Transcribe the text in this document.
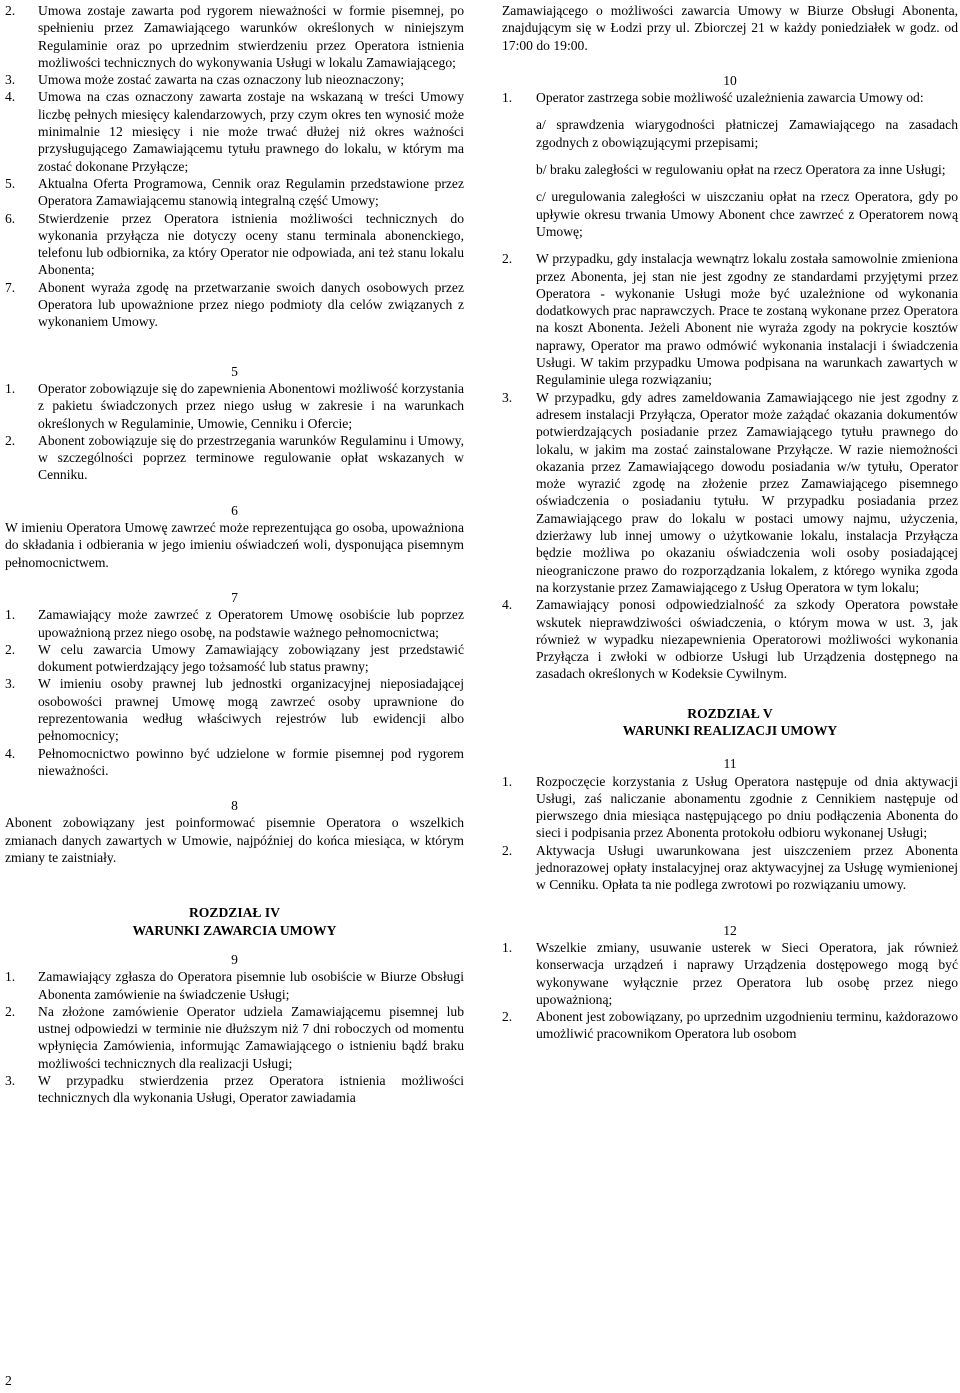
2.	Umowa zostaje zawarta pod rygorem nieważności w formie pisemnej, po spełnieniu przez Zamawiającego warunków określonych w niniejszym Regulaminie oraz po uprzednim stwierdzeniu przez Operatora istnienia możliwości technicznych do wykonywania Usługi w lokalu Zamawiającego;
3.	Umowa może zostać zawarta na czas oznaczony lub nieoznaczony;
4.	Umowa na czas oznaczony zawarta zostaje na wskazaną w treści Umowy liczbę pełnych miesięcy kalendarzowych, przy czym okres ten wynosić może minimalnie 12 miesięcy i nie może trwać dłużej niż okres ważności przysługującego Zamawiającemu tytułu prawnego do lokalu, w którym ma zostać dokonane Przyłącze;
5.	Aktualna Oferta Programowa, Cennik oraz Regulamin przedstawione przez Operatora Zamawiającemu stanowią integralną część Umowy;
6.	Stwierdzenie przez Operatora istnienia możliwości technicznych do wykonania przyłącza nie dotyczy oceny stanu terminala abonenckiego, telefonu lub odbiornika, za który Operator nie odpowiada, ani też stanu lokalu Abonenta;
7.	Abonent wyraża zgodę na przetwarzanie swoich danych osobowych przez Operatora lub upoważnione przez niego podmioty dla celów związanych z wykonaniem Umowy.

5

1.	Operator zobowiązuje się do zapewnienia Abonentowi możliwość korzystania z pakietu świadczonych przez niego usług w zakresie i na warunkach określonych w Regulaminie, Umowie, Cenniku i Ofercie;
2.	Abonent zobowiązuje się do przestrzegania warunków Regulaminu i Umowy, w szczególności poprzez terminowe regulowanie opłat wskazanych w Cenniku.

6

W imieniu Operatora Umowę zawrzeć może reprezentująca go osoba, upoważniona do składania i odbierania w jego imieniu oświadczeń woli, dysponująca pisemnym pełnomocnictwem.

7

1.	Zamawiający może zawrzeć z Operatorem Umowę osobiście lub poprzez upoważnioną przez niego osobę, na podstawie ważnego pełnomocnictwa;
2.	W celu zawarcia Umowy Zamawiający zobowiązany jest przedstawić dokument potwierdzający jego tożsamość lub status prawny;
3.	W imieniu osoby prawnej lub jednostki organizacyjnej nieposiadającej osobowości prawnej Umowę mogą zawrzeć osoby uprawnione do reprezentowania według właściwych rejestrów lub ewidencji albo pełnomocnicy;
4.	Pełnomocnictwo powinno być udzielone w formie pisemnej pod rygorem nieważności.

8

Abonent zobowiązany jest poinformować pisemnie Operatora o wszelkich zmianach danych zawartych w Umowie, najpóźniej do końca miesiąca, w którym zmiany te zaistniały.
ROZDZIAŁ IV
WARUNKI ZAWARCIA UMOWY

9

1.	Zamawiający zgłasza do Operatora pisemnie lub osobiście w Biurze Obsługi Abonenta zamówienie na świadczenie Usługi;
2.	Na złożone zamówienie Operator udziela Zamawiającemu pisemnej lub ustnej odpowiedzi w terminie nie dłuższym niż 7 dni roboczych od momentu wpłynięcia Zamówienia, informując Zamawiającego o istnieniu bądź braku możliwości technicznych dla realizacji Usługi;
3.	W przypadku stwierdzenia przez Operatora istnienia możliwości technicznych dla wykonania Usługi, Operator zawiadamia
Zamawiającego o możliwości zawarcia Umowy w Biurze Obsługi Abonenta, znajdującym się w Łodzi przy ul. Zbiorczej 21 w każdy poniedziałek w godz. od 17:00 do 19:00.

10

1.	Operator zastrzega sobie możliwość uzależnienia zawarcia Umowy od:
a/ sprawdzenia wiarygodności płatniczej Zamawiającego na zasadach zgodnych z obowiązującymi przepisami;
b/ braku zaległości w regulowaniu opłat na rzecz Operatora za inne Usługi;
c/ uregulowania zaległości w uiszczaniu opłat na rzecz Operatora, gdy po upływie okresu trwania Umowy Abonent chce zawrzeć z Operatorem nową Umowę;
2.	W przypadku, gdy instalacja wewnątrz lokalu została samowolnie zmieniona przez Abonenta, jej stan nie jest zgodny ze standardami przyjętymi przez Operatora - wykonanie Usługi może być uzależnione od wykonania dodatkowych prac naprawczych. Prace te zostaną wykonane przez Operatora na koszt Abonenta. Jeżeli Abonent nie wyraża zgody na pokrycie kosztów naprawy, Operator ma prawo odmówić wykonania instalacji i świadczenia Usługi. W takim przypadku Umowa podpisana na warunkach zawartych w Regulaminie ulega rozwiązaniu;
3.	W przypadku, gdy adres zameldowania Zamawiającego nie jest zgodny z adresem instalacji Przyłącza, Operator może zażądać okazania dokumentów potwierdzających posiadanie przez Zamawiającego tytułu prawnego do lokalu, w jakim ma zostać zainstalowane Przyłącze. W razie niemożności okazania przez Zamawiającego dowodu posiadania w/w tytułu, Operator może wyrazić zgodę na złożenie przez Zamawiającego pisemnego oświadczenia o posiadaniu tytułu. W przypadku posiadania przez Zamawiającego praw do lokalu w postaci umowy najmu, użyczenia, dzierżawy lub innej umowy o użytkowanie lokalu, instalacja Przyłącza będzie możliwa po okazaniu oświadczenia woli osoby posiadającej nieograniczone prawo do rozporządzania lokalem, z którego wynika zgoda na korzystanie przez Zamawiającego z Usług Operatora w tym lokalu;
4.	Zamawiający ponosi odpowiedzialność za szkody Operatora powstałe wskutek nieprawdziwości oświadczenia, o którym mowa w ust. 3, jak również w wypadku niezapewnienia Operatorowi możliwości wykonania Przyłącza i zwłoki w odbiorze Usługi lub Urządzenia dostępnego na zasadach określonych w Kodeksie Cywilnym.
ROZDZIAŁ V
WARUNKI REALIZACJI UMOWY

11

1.	Rozpoczęcie korzystania z Usług Operatora następuje od dnia aktywacji Usługi, zaś naliczanie abonamentu zgodnie z Cennikiem następuje od pierwszego dnia miesiąca następującego po dniu podłączenia Abonenta do sieci i podpisania przez Abonenta protokołu odbioru wykonanej Usługi;
2.	Aktywacja Usługi uwarunkowana jest uiszczeniem przez Abonenta jednorazowej opłaty instalacyjnej oraz aktywacyjnej za Usługę wymienionej w Cenniku. Opłata ta nie podlega zwrotowi po rozwiązaniu umowy.

12

1.	Wszelkie zmiany, usuwanie usterek w Sieci Operatora, jak również konserwacja urządzeń i naprawy Urządzenia dostępowego mogą być wykonywane wyłącznie przez Operatora lub osobę przez niego upoważnioną;
2.	Abonent jest zobowiązany, po uprzednim uzgodnieniu terminu, każdorazowo umożliwić pracownikom Operatora lub osobom
2
